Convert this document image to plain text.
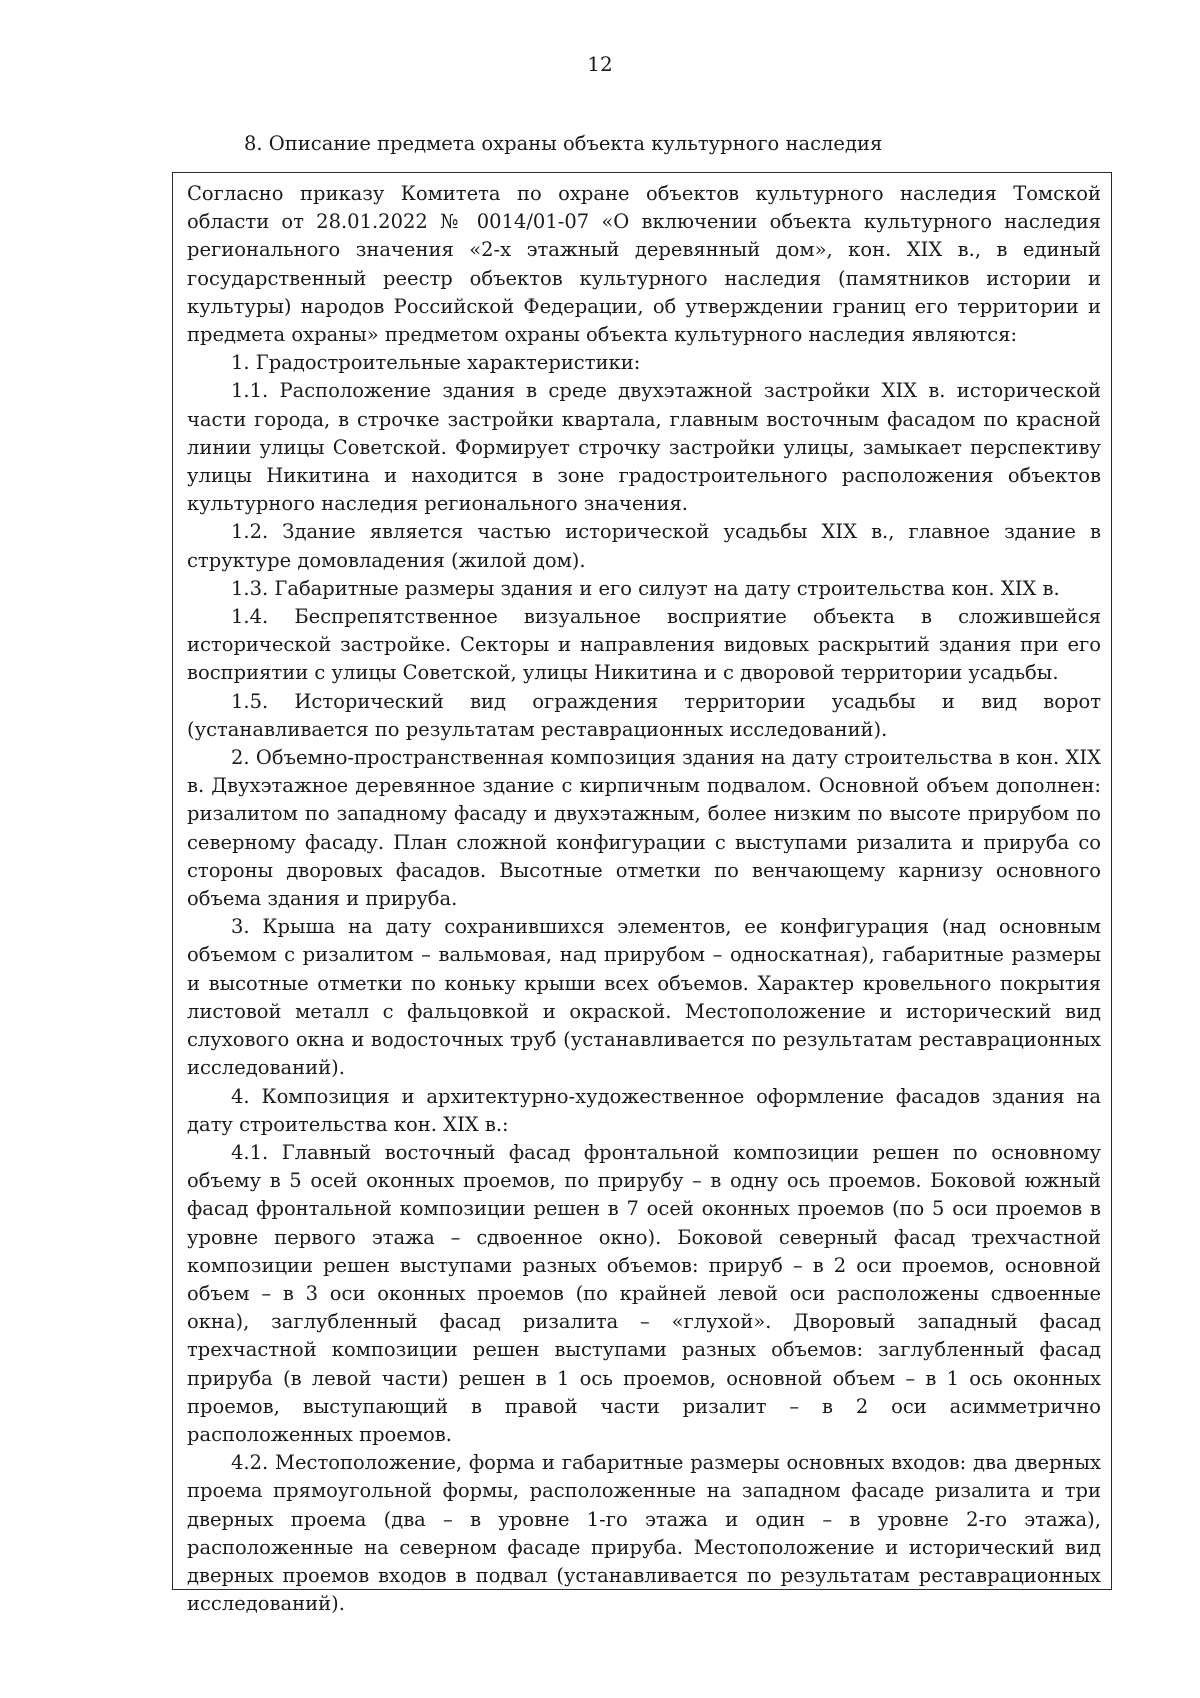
12
8. Описание предмета охраны объекта культурного наследия

Согласно приказу Комитета по охране объектов культурного наследия Томской области от 28.01.2022 № 0014/01-07 «О включении объекта культурного наследия регионального значения «2-х этажный деревянный дом», кон. XIX в., в единый государственный реестр объектов культурного наследия (памятников истории и культуры) народов Российской Федерации, об утверждении границ его территории и предмета охраны» предметом охраны объекта культурного наследия являются:

1. Градостроительные характеристики:

1.1. Расположение здания в среде двухэтажной застройки XIX в. исторической части города, в строчке застройки квартала, главным восточным фасадом по красной линии улицы Советской. Формирует строчку застройки улицы, замыкает перспективу улицы Никитина и находится в зоне градостроительного расположения объектов культурного наследия регионального значения.

1.2. Здание является частью исторической усадьбы XIX в., главное здание в структуре домовладения (жилой дом).

1.3. Габаритные размеры здания и его силуэт на дату строительства кон. XIX в.

1.4. Беспрепятственное визуальное восприятие объекта в сложившейся исторической застройке. Секторы и направления видовых раскрытий здания при его восприятии с улицы Советской, улицы Никитина и с дворовой территории усадьбы.

1.5. Исторический вид ограждения территории усадьбы и вид ворот (устанавливается по результатам реставрационных исследований).

2. Объемно-пространственная композиция здания на дату строительства в кон. XIX в. Двухэтажное деревянное здание с кирпичным подвалом. Основной объем дополнен: ризалитом по западному фасаду и двухэтажным, более низким по высоте прирубом по северному фасаду. План сложной конфигурации с выступами ризалита и прируба со стороны дворовых фасадов. Высотные отметки по венчающему карнизу основного объема здания и прируба.

3. Крыша на дату сохранившихся элементов, ее конфигурация (над основным объемом с ризалитом – вальмовая, над прирубом – односкатная), габаритные размеры и высотные отметки по коньку крыши всех объемов. Характер кровельного покрытия листовой металл с фальцовкой и окраской. Местоположение и исторический вид слухового окна и водосточных труб (устанавливается по результатам реставрационных исследований).

4. Композиция и архитектурно-художественное оформление фасадов здания на дату строительства кон. XIX в.:

4.1. Главный восточный фасад фронтальной композиции решен по основному объему в 5 осей оконных проемов, по прирубу – в одну ось проемов. Боковой южный фасад фронтальной композиции решен в 7 осей оконных проемов (по 5 оси проемов в уровне первого этажа – сдвоенное окно). Боковой северный фасад трехчастной композиции решен выступами разных объемов: прируб – в 2 оси проемов, основной объем – в 3 оси оконных проемов (по крайней левой оси расположены сдвоенные окна), заглубленный фасад ризалита – «глухой». Дворовый западный фасад трехчастной композиции решен выступами разных объемов: заглубленный фасад прируба (в левой части) решен в 1 ось проемов, основной объем – в 1 ось оконных проемов, выступающий в правой части ризалит – в 2 оси асимметрично расположенных проемов.

4.2. Местоположение, форма и габаритные размеры основных входов: два дверных проема прямоугольной формы, расположенные на западном фасаде ризалита и три дверных проема (два – в уровне 1-го этажа и один – в уровне 2-го этажа), расположенные на северном фасаде прируба. Местоположение и исторический вид дверных проемов входов в подвал (устанавливается по результатам реставрационных исследований).
